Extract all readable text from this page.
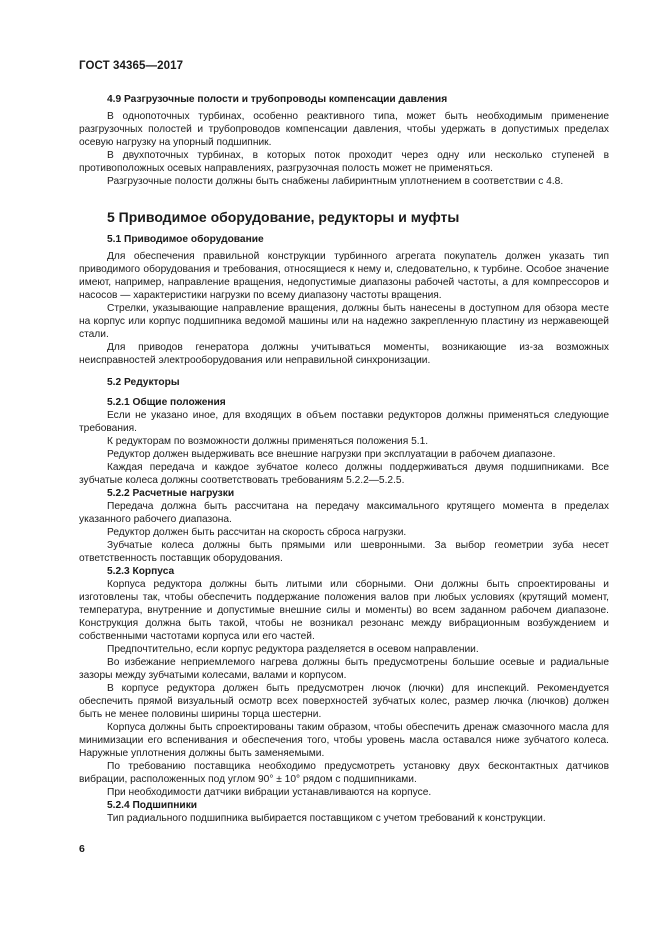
ГОСТ 34365—2017
4.9 Разгрузочные полости и трубопроводы компенсации давления

В однопоточных турбинах, особенно реактивного типа, может быть необходимым применение разгрузочных полостей и трубопроводов компенсации давления, чтобы удержать в допустимых пределах осевую нагрузку на упорный подшипник.

В двухпоточных турбинах, в которых поток проходит через одну или несколько ступеней в противоположных осевых направлениях, разгрузочная полость может не применяться.

Разгрузочные полости должны быть снабжены лабиринтным уплотнением в соответствии с 4.8.

5 Приводимое оборудование, редукторы и муфты
5.1 Приводимое оборудование

Для обеспечения правильной конструкции турбинного агрегата покупатель должен указать тип приводимого оборудования и требования, относящиеся к нему и, следовательно, к турбине. Особое значение имеют, например, направление вращения, недопустимые диапазоны рабочей частоты, а для компрессоров и насосов — характеристики нагрузки по всему диапазону частоты вращения.

Стрелки, указывающие направление вращения, должны быть нанесены в доступном для обзора месте на корпус или корпус подшипника ведомой машины или на надежно закрепленную пластину из нержавеющей стали.

Для приводов генератора должны учитываться моменты, возникающие из-за возможных неисправностей электрооборудования или неправильной синхронизации.

5.2 Редукторы
5.2.1 Общие положения

Если не указано иное, для входящих в объем поставки редукторов должны применяться следующие требования.

К редукторам по возможности должны применяться положения 5.1.

Редуктор должен выдерживать все внешние нагрузки при эксплуатации в рабочем диапазоне.

Каждая передача и каждое зубчатое колесо должны поддерживаться двумя подшипниками. Все зубчатые колеса должны соответствовать требованиям 5.2.2—5.2.5.

5.2.2 Расчетные нагрузки

Передача должна быть рассчитана на передачу максимального крутящего момента в пределах указанного рабочего диапазона.

Редуктор должен быть рассчитан на скорость сброса нагрузки.

Зубчатые колеса должны быть прямыми или шевронными. За выбор геометрии зуба несет ответственность поставщик оборудования.

5.2.3 Корпуса

Корпуса редуктора должны быть литыми или сборными. Они должны быть спроектированы и изготовлены так, чтобы обеспечить поддержание положения валов при любых условиях (крутящий момент, температура, внутренние и допустимые внешние силы и моменты) во всем заданном рабочем диапазоне. Конструкция должна быть такой, чтобы не возникал резонанс между вибрационным возбуждением и собственными частотами корпуса или его частей.

Предпочтительно, если корпус редуктора разделяется в осевом направлении.

Во избежание неприемлемого нагрева должны быть предусмотрены большие осевые и радиальные зазоры между зубчатыми колесами, валами и корпусом.

В корпусе редуктора должен быть предусмотрен лючок (лючки) для инспекций. Рекомендуется обеспечить прямой визуальный осмотр всех поверхностей зубчатых колес, размер лючка (лючков) должен быть не менее половины ширины торца шестерни.

Корпуса должны быть спроектированы таким образом, чтобы обеспечить дренаж смазочного масла для минимизации его вспенивания и обеспечения того, чтобы уровень масла оставался ниже зубчатого колеса. Наружные уплотнения должны быть заменяемыми.

По требованию поставщика необходимо предусмотреть установку двух бесконтактных датчиков вибрации, расположенных под углом 90° ± 10° рядом с подшипниками.

При необходимости датчики вибрации устанавливаются на корпусе.

5.2.4 Подшипники

Тип радиального подшипника выбирается поставщиком с учетом требований к конструкции.

6
